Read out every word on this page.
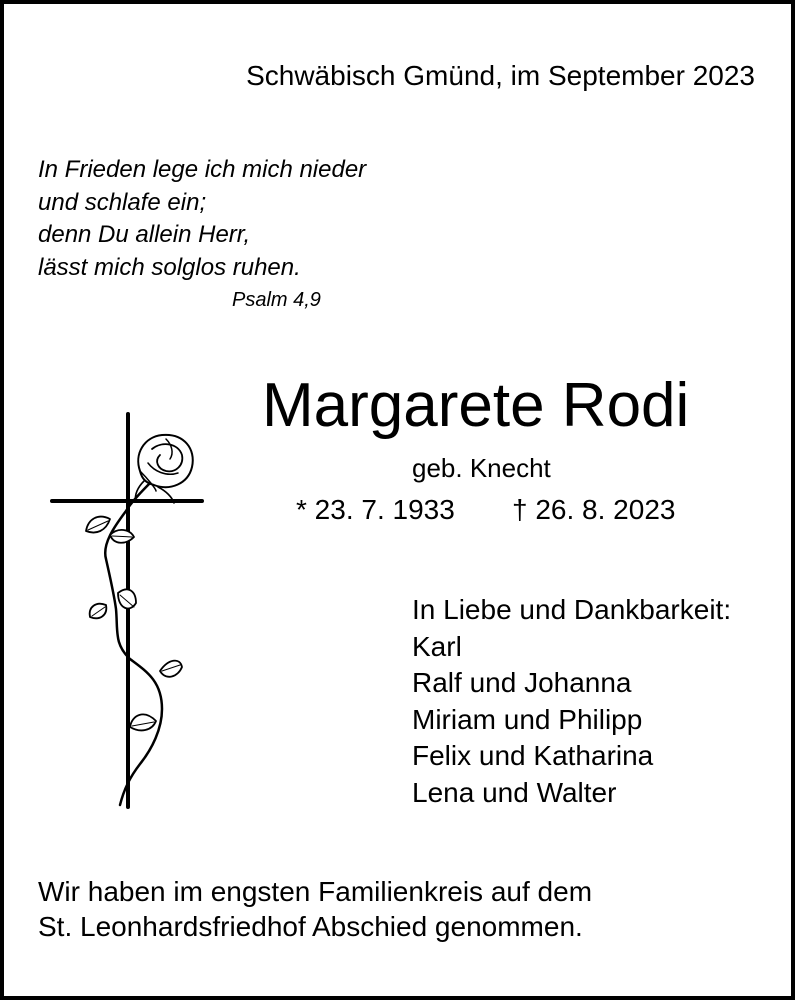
Schwäbisch Gmünd, im September 2023
In Frieden lege ich mich nieder
und schlafe ein;
denn Du allein Herr,
lässt mich solglos ruhen.
Psalm 4,9
Margarete Rodi
geb. Knecht
* 23. 7. 1933 † 26. 8. 2023
In Liebe und Dankbarkeit:
Karl
Ralf und Johanna
Miriam und Philipp
Felix und Katharina
Lena und Walter
Wir haben im engsten Familienkreis auf dem
St. Leonhardsfriedhof Abschied genommen.
